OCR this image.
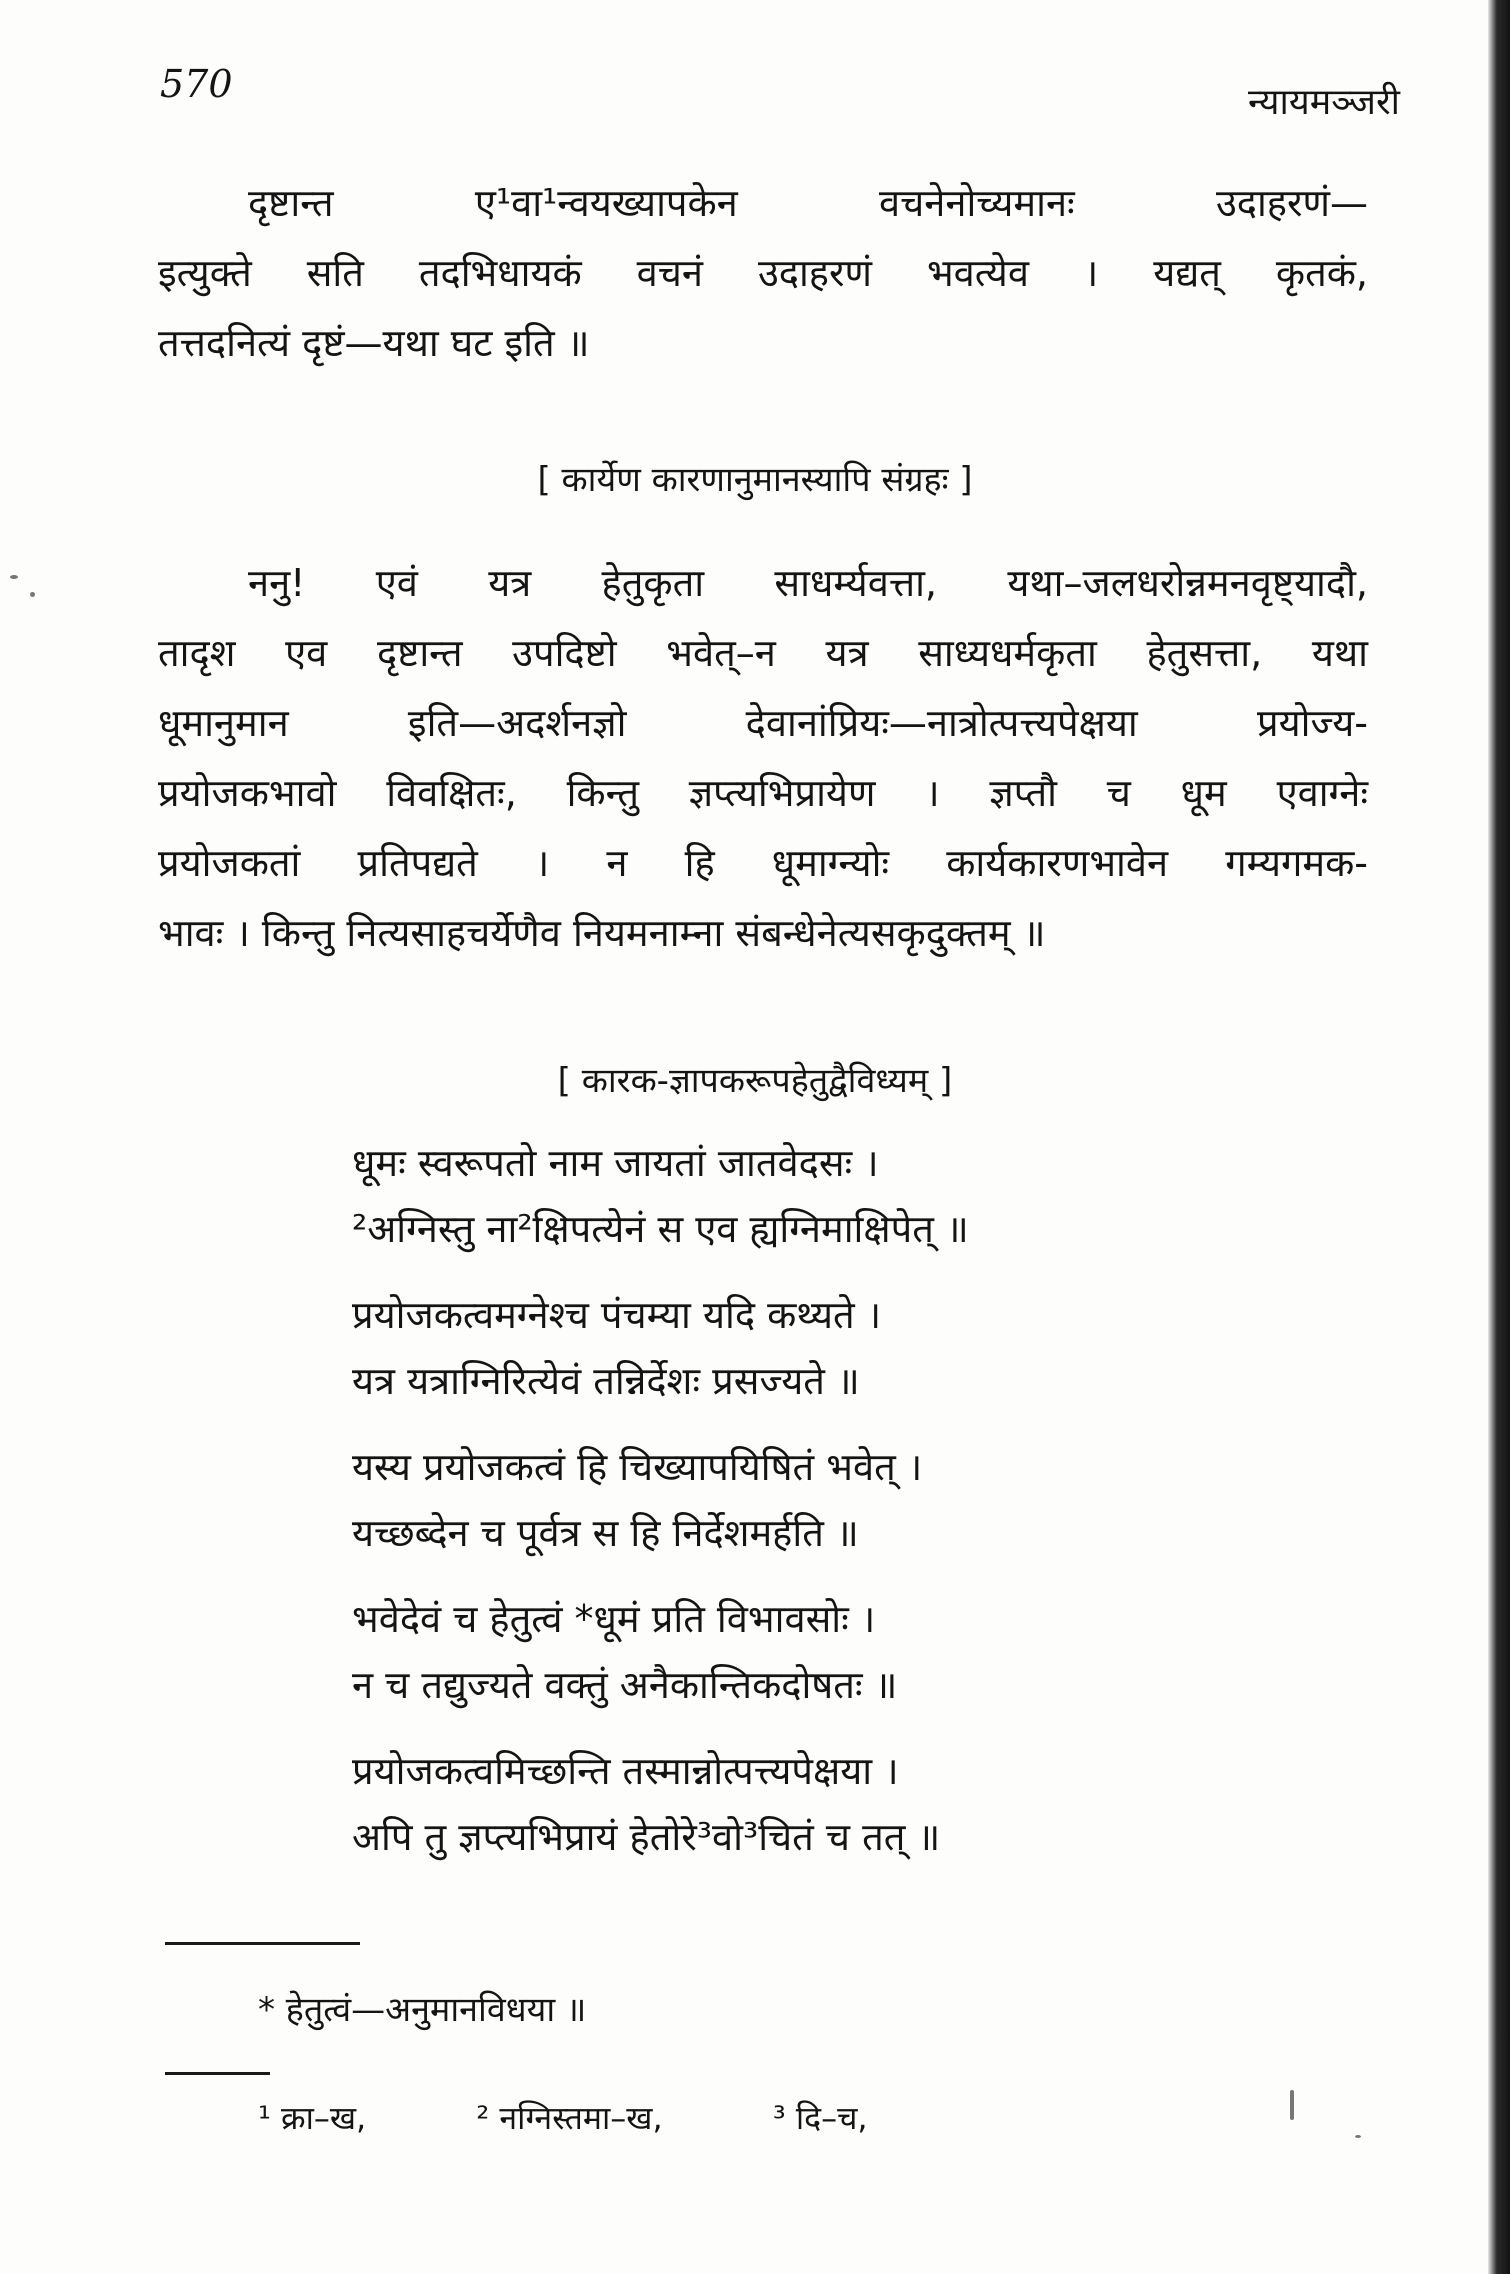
570	न्यायमञ्जरी
दृष्टान्त ए¹वा¹न्वयख्यापकेन वचनेनोच्यमानः उदाहरणं—
इत्युक्ते सति तदभिधायकं वचनं उदाहरणं भवत्येव । यद्यत् कृतकं,
तत्तदनित्यं दृष्टं—यथा घट इति ॥
[ कार्येण कारणानुमानस्यापि संग्रहः ]
ननु! एवं यत्र हेतुकृता साधर्म्यवत्ता, यथा–जलधरोन्नमनवृष्ट्यादौ,
तादृश एव दृष्टान्त उपदिष्टो भवेत्–न यत्र साध्यधर्मकृता हेतुसत्ता, यथा
धूमानुमान इति—अदर्शनज्ञो देवानांप्रियः—नात्रोत्पत्त्यपेक्षया प्रयोज्य-
प्रयोजकभावो विवक्षितः, किन्तु ज्ञप्त्यभिप्रायेण । ज्ञप्तौ च धूम एवाग्नेः
प्रयोजकतां प्रतिपद्यते । न हि धूमाग्न्योः कार्यकारणभावेन गम्यगमक-
भावः । किन्तु नित्यसाहचर्येणैव नियमनाम्ना संबन्धेनेत्यसकृदुक्तम् ॥
[ कारक-ज्ञापकरूपहेतुद्वैविध्यम् ]
धूमः स्वरूपतो नाम जायतां जातवेदसः ।
²अग्निस्तु ना²क्षिपत्येनं स एव ह्यग्निमाक्षिपेत् ॥
प्रयोजकत्वमग्नेश्च पंचम्या यदि कथ्यते ।
यत्र यत्राग्निरित्येवं तन्निर्देशः प्रसज्यते ॥
यस्य प्रयोजकत्वं हि चिख्यापयिषितं भवेत् ।
यच्छब्देन च पूर्वत्र स हि निर्देशमर्हति ॥
भवेदेवं च हेतुत्वं *धूमं प्रति विभावसोः ।
न च तद्युज्यते वक्तुं अनैकान्तिकदोषतः ॥
प्रयोजकत्वमिच्छन्ति तस्मान्नोत्पत्त्यपेक्षया ।
अपि तु ज्ञप्त्यभिप्रायं हेतोरे³वो³चितं च तत् ॥
* हेतुत्वं—अनुमानविधया ॥
¹ क्रा–ख,	² नग्निस्तमा–ख,	³ दि–च,
